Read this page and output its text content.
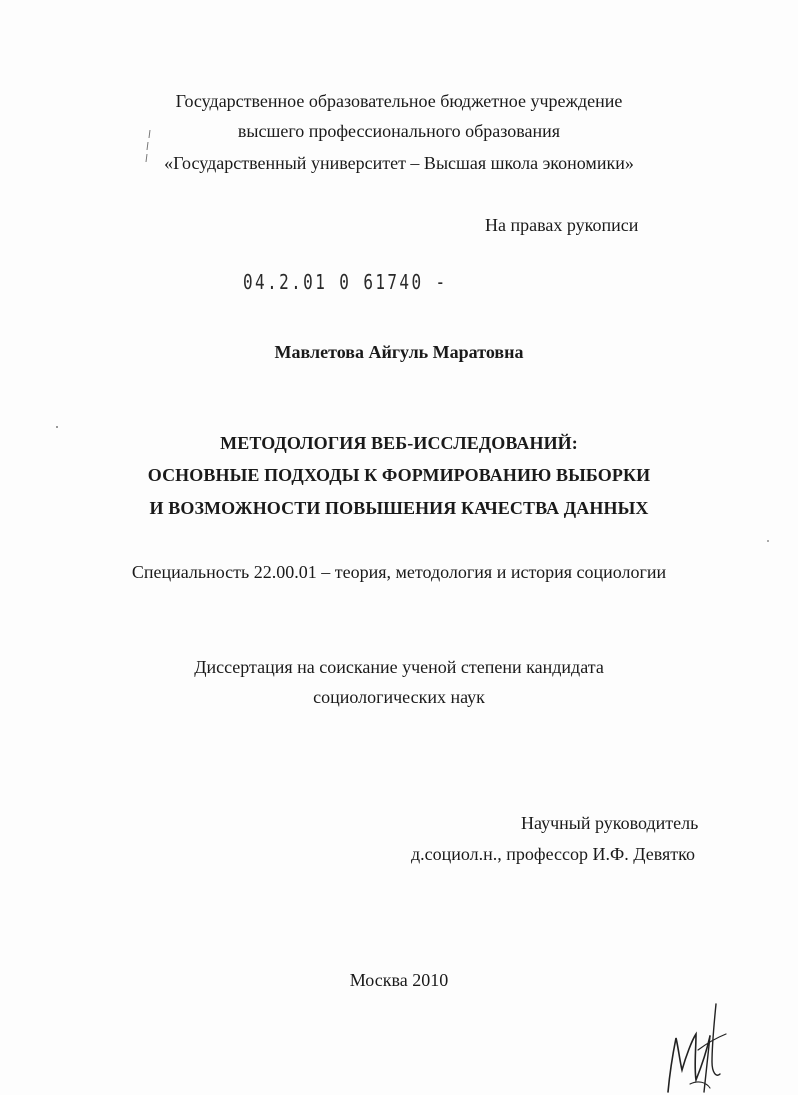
Государственное образовательное бюджетное учреждение
высшего профессионального образования
«Государственный университет – Высшая школа экономики»
На правах рукописи
04.2.01 0 61740 -
Мавлетова Айгуль Маратовна
МЕТОДОЛОГИЯ ВЕБ-ИССЛЕДОВАНИЙ:
ОСНОВНЫЕ ПОДХОДЫ К ФОРМИРОВАНИЮ ВЫБОРКИ
И ВОЗМОЖНОСТИ ПОВЫШЕНИЯ КАЧЕСТВА ДАННЫХ
Специальность 22.00.01 – теория, методология и история социологии
Диссертация на соискание ученой степени кандидата
социологических наук
Научный руководитель
д.социол.н., профессор И.Ф. Девятко
Москва 2010
